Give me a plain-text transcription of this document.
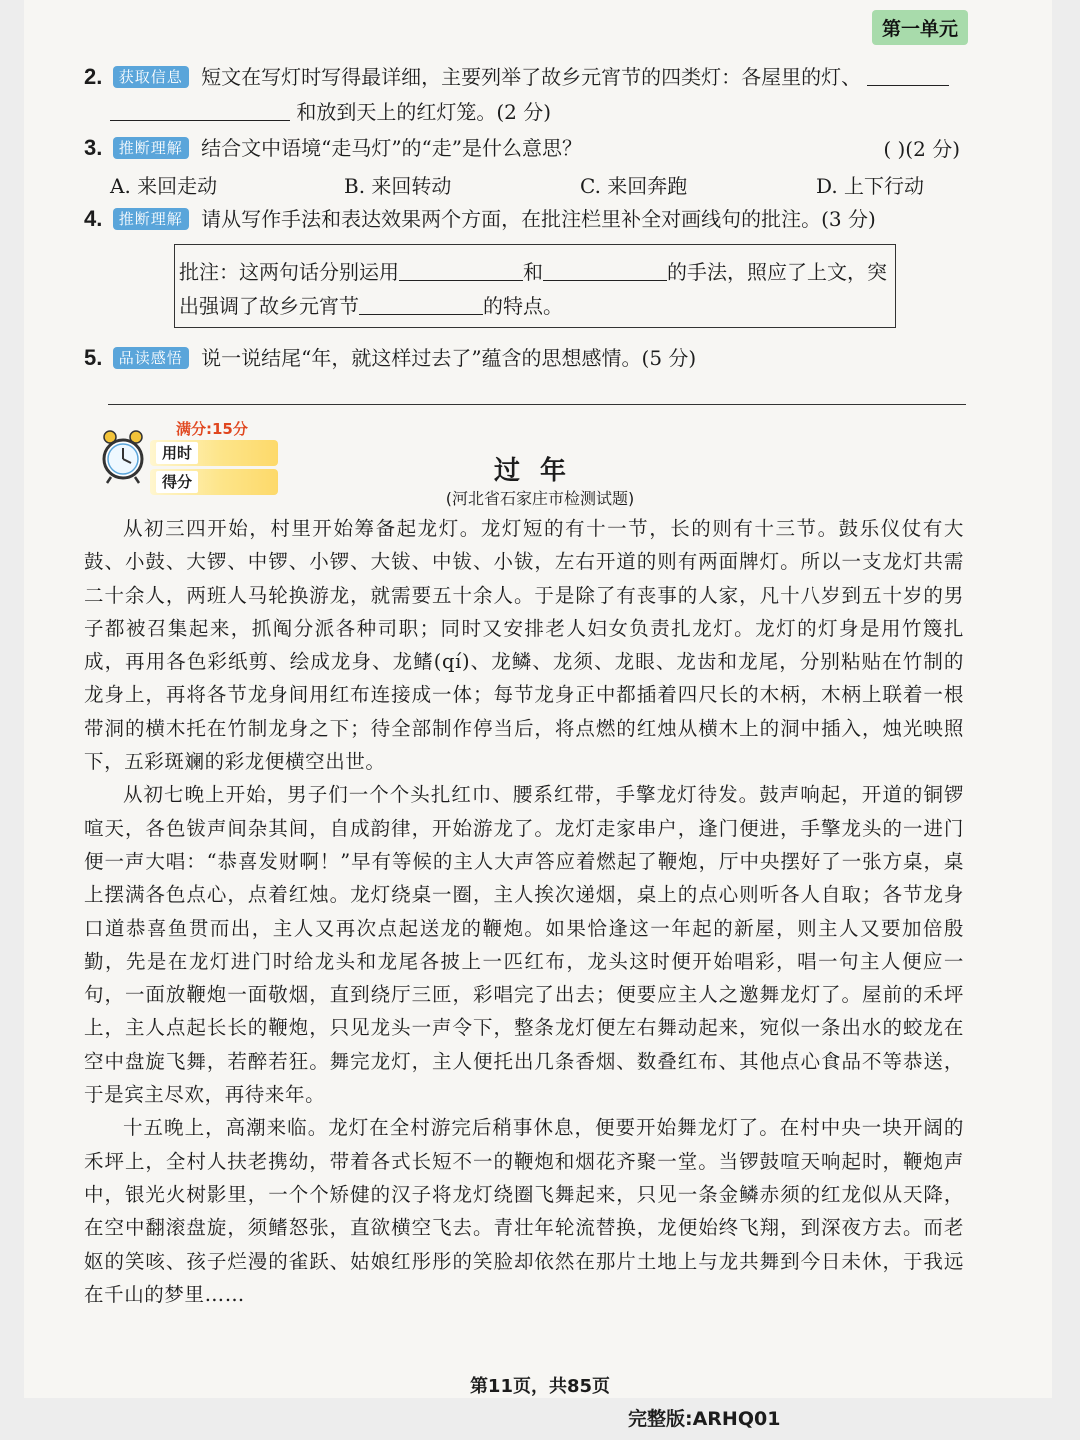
第一单元
2. 获取信息 短文在写灯时写得最详细，主要列举了故乡元宵节的四类灯：各屋里的灯、
和放到天上的红灯笼。(2 分)
3. 推断理解 结合文中语境“走马灯”的“走”是什么意思？	( )(2 分)
A. 来回走动	B. 来回转动	C. 来回奔跑	D. 上下行动
4. 推断理解 请从写作手法和表达效果两个方面，在批注栏里补全对画线句的批注。(3 分)
批注：这两句话分别运用	和	的手法，照应了上文，突
出强调了故乡元宵节	的特点。
5. 品读感悟 说一说结尾“年，就这样过去了”蕴含的思想感情。(5 分)
满分:15分
用时
得分	过年
(河北省石家庄市检测试题)

从初三四开始，村里开始筹备起龙灯。龙灯短的有十一节，长的则有十三节。鼓乐仪仗有大鼓、小鼓、大锣、中锣、小锣、大钹、中钹、小钹，左右开道的则有两面牌灯。所以一支龙灯共需二十余人，两班人马轮换游龙，就需要五十余人。于是除了有丧事的人家，凡十八岁到五十岁的男子都被召集起来，抓阄分派各种司职；同时又安排老人妇女负责扎龙灯。龙灯的灯身是用竹篾扎成，再用各色彩纸剪、绘成龙身、龙鳍(qí)、龙鳞、龙须、龙眼、龙齿和龙尾，分别粘贴在竹制的龙身上，再将各节龙身间用红布连接成一体；每节龙身正中都插着四尺长的木柄，木柄上联着一根带洞的横木托在竹制龙身之下；待全部制作停当后，将点燃的红烛从横木上的洞中插入，烛光映照下，五彩斑斓的彩龙便横空出世。

从初七晚上开始，男子们一个个头扎红巾、腰系红带，手擎龙灯待发。鼓声响起，开道的铜锣喧天，各色钹声间杂其间，自成韵律，开始游龙了。龙灯走家串户，逢门便进，手擎龙头的一进门便一声大唱：“恭喜发财啊！”早有等候的主人大声答应着燃起了鞭炮，厅中央摆好了一张方桌，桌上摆满各色点心，点着红烛。龙灯绕桌一圈，主人挨次递烟，桌上的点心则听各人自取；各节龙身口道恭喜鱼贯而出，主人又再次点起送龙的鞭炮。如果恰逢这一年起的新屋，则主人又要加倍殷勤，先是在龙灯进门时给龙头和龙尾各披上一匹红布，龙头这时便开始唱彩，唱一句主人便应一句，一面放鞭炮一面敬烟，直到绕厅三匝，彩唱完了出去；便要应主人之邀舞龙灯了。屋前的禾坪上，主人点起长长的鞭炮，只见龙头一声令下，整条龙灯便左右舞动起来，宛似一条出水的蛟龙在空中盘旋飞舞，若醉若狂。舞完龙灯，主人便托出几条香烟、数叠红布、其他点心食品不等恭送，于是宾主尽欢，再待来年。

十五晚上，高潮来临。龙灯在全村游完后稍事休息，便要开始舞龙灯了。在村中央一块开阔的禾坪上，全村人扶老携幼，带着各式长短不一的鞭炮和烟花齐聚一堂。当锣鼓喧天响起时，鞭炮声中，银光火树影里，一个个矫健的汉子将龙灯绕圈飞舞起来，只见一条金鳞赤须的红龙似从天降，在空中翻滚盘旋，须鳍怒张，直欲横空飞去。青壮年轮流替换，龙便始终飞翔，到深夜方去。而老妪的笑咳、孩子烂漫的雀跃、姑娘红彤彤的笑脸却依然在那片土地上与龙共舞到今日未休，于我远在千山的梦里……

第11页，共85页
完整版:ARHQ01
